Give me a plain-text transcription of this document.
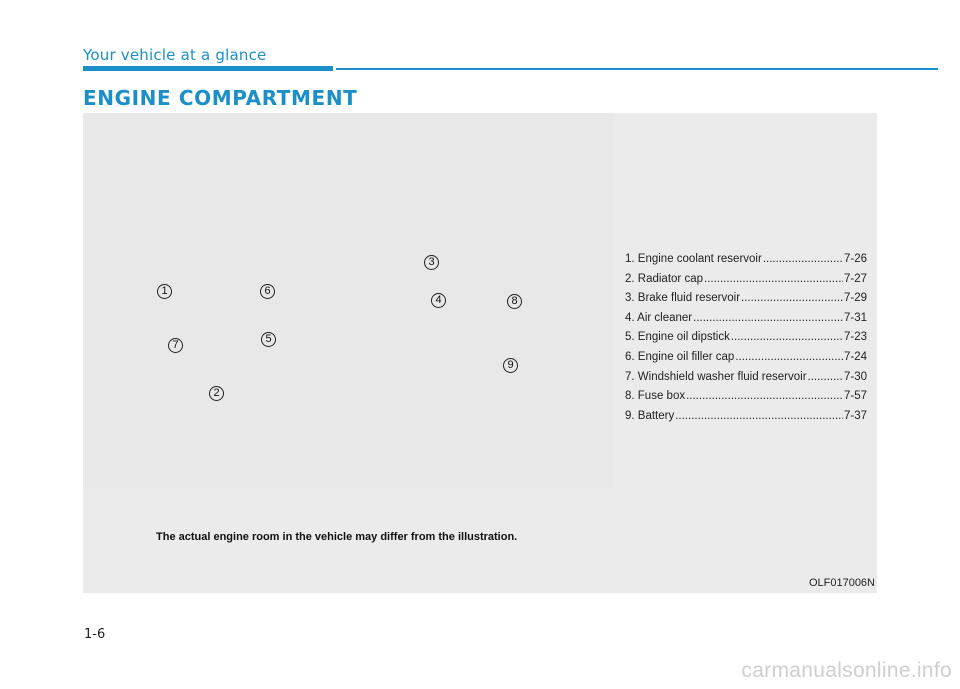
Your vehicle at a glance
ENGINE COMPARTMENT
1
2
3
4
5
6
7
8
9
1. Engine coolant reservoir .....	7-26
2. Radiator cap .....	7-27
3. Brake fluid reservoir .....	7-29
4. Air cleaner .....	7-31
5. Engine oil dipstick .....	7-23
6. Engine oil filler cap .....	7-24
7. Windshield washer fluid reservoir .....	7-30
8. Fuse box .....	7-57
9. Battery .....	7-37
The actual engine room in the vehicle may differ from the illustration.
OLF017006N
1-6
carmanualsonline.info
